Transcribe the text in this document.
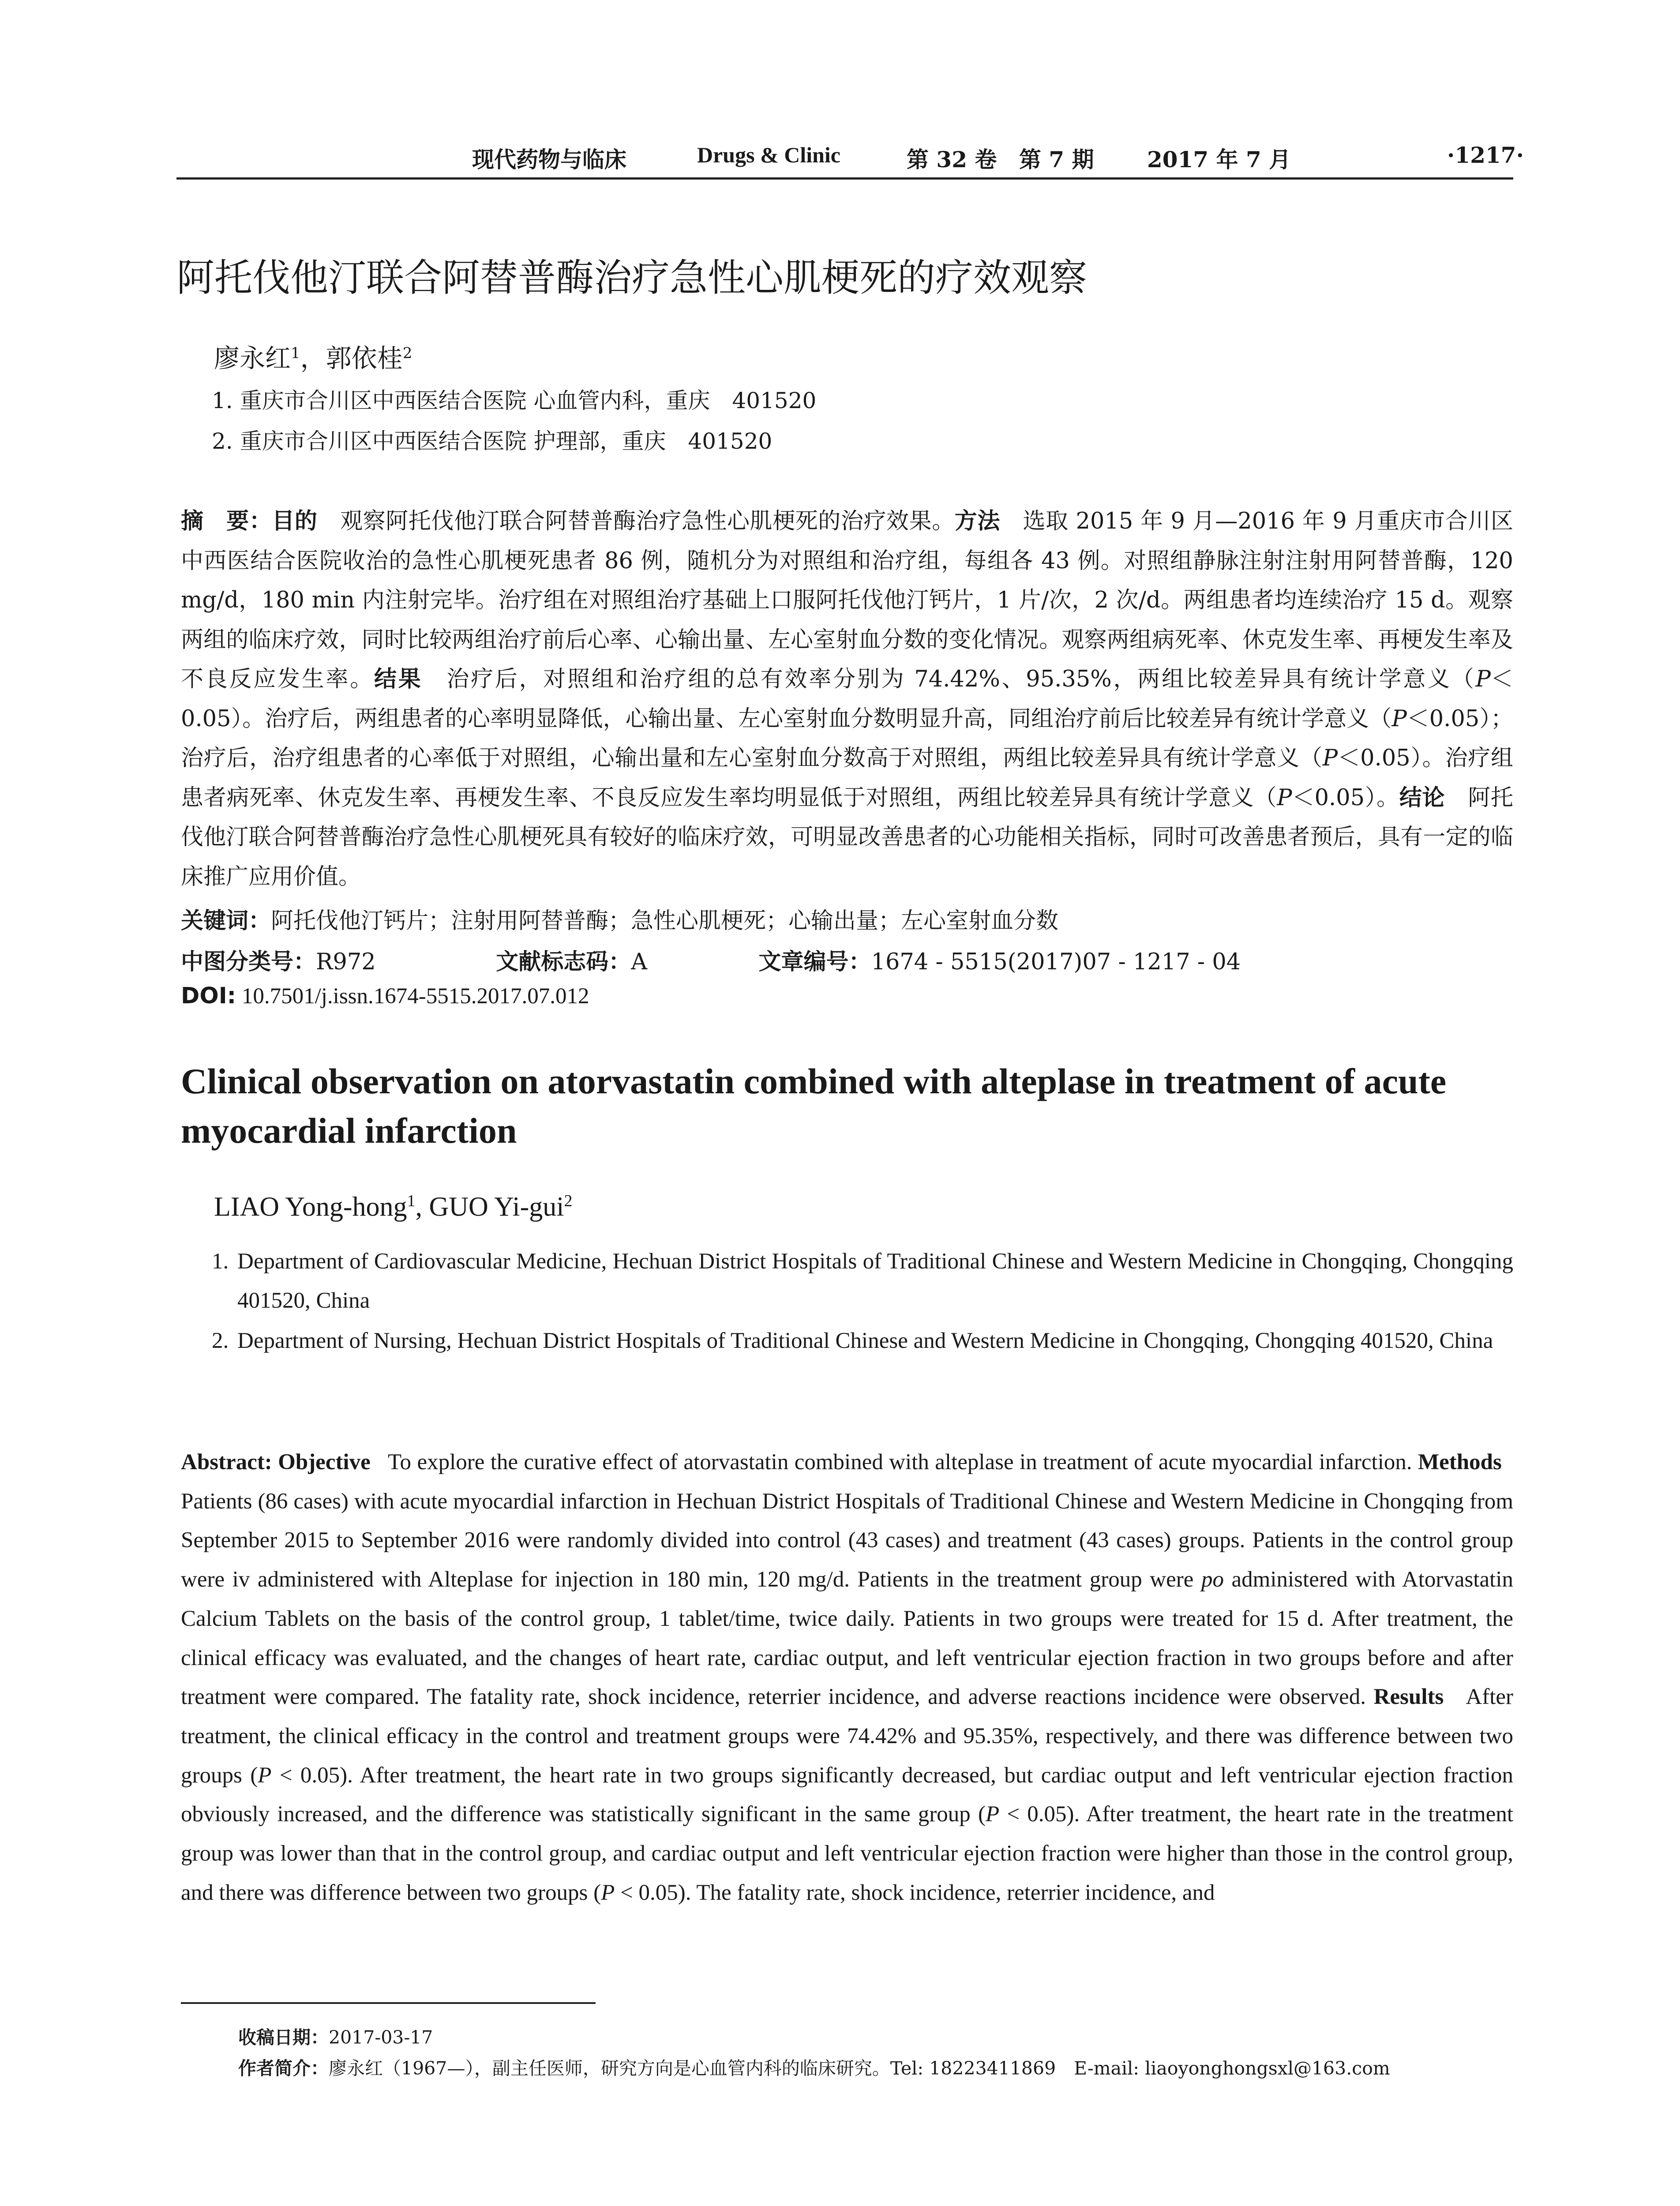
现代药物与临床	Drugs & Clinic	第 32 卷 第 7 期 2017 年 7 月	·1217·
阿托伐他汀联合阿替普酶治疗急性心肌梗死的疗效观察
廖永红$^1$，郭依桂$^2$
1. 重庆市合川区中西医结合医院 心血管内科，重庆　401520
2. 重庆市合川区中西医结合医院 护理部，重庆　401520
摘　要：目的　 观察阿托伐他汀联合阿替普酶治疗急性心肌梗死的治疗效果。方法　 选取 2015 年 9 月—2016 年 9 月重庆市合川区中西医结合医院收治的急性心肌梗死患者 86 例，随机分为对照组和治疗组，每组各 43 例。对照组静脉注射注射用阿替普酶，120 mg/d，180 min 内注射完毕。治疗组在对照组治疗基础上口服阿托伐他汀钙片，1 片/次，2 次/d。两组患者均连续治疗 15 d。观察两组的临床疗效，同时比较两组治疗前后心率、心输出量、左心室射血分数的变化情况。观察两组病死率、休克发生率、再梗发生率及不良反应发生率。结果　 治疗后，对照组和治疗组的总有效率分别为 74.42%、95.35%，两组比较差异具有统计学意义（P＜0.05）。治疗后，两组患者的心率明显降低，心输出量、左心室射血分数明显升高，同组治疗前后比较差异有统计学意义（P＜0.05）；治疗后，治疗组患者的心率低于对照组，心输出量和左心室射血分数高于对照组，两组比较差异具有统计学意义（P＜0.05）。治疗组患者病死率、休克发生率、再梗发生率、不良反应发生率均明显低于对照组，两组比较差异具有统计学意义（P＜0.05）。结论　 阿托伐他汀联合阿替普酶治疗急性心肌梗死具有较好的临床疗效，可明显改善患者的心功能相关指标，同时可改善患者预后，具有一定的临床推广应用价值。
关键词：阿托伐他汀钙片；注射用阿替普酶；急性心肌梗死；心输出量；左心室射血分数
中图分类号：R972	文献标志码：A	文章编号：1674 - 5515(2017)07 - 1217 - 04
DOI: 10.7501/j.issn.1674-5515.2017.07.012
Clinical observation on atorvastatin combined with alteplase in treatment of acute myocardial infarction
LIAO Yong-hong$^1$, GUO Yi-gui$^2$
1. Department of Cardiovascular Medicine, Hechuan District Hospitals of Traditional Chinese and Western Medicine in Chongqing, Chongqing 401520, China
2. Department of Nursing, Hechuan District Hospitals of Traditional Chinese and Western Medicine in Chongqing, Chongqing 401520, China
Abstract: Objective To explore the curative effect of atorvastatin combined with alteplase in treatment of acute myocardial infarction. Methods   Patients (86 cases) with acute myocardial infarction in Hechuan District Hospitals of Traditional Chinese and Western Medicine in Chongqing from September 2015 to September 2016 were randomly divided into control (43 cases) and treatment (43 cases) groups. Patients in the control group were iv administered with Alteplase for injection in 180 min, 120 mg/d. Patients in the treatment group were po administered with Atorvastatin Calcium Tablets on the basis of the control group, 1 tablet/time, twice daily. Patients in two groups were treated for 15 d. After treatment, the clinical efficacy was evaluated, and the changes of heart rate, cardiac output, and left ventricular ejection fraction in two groups before and after treatment were compared. The fatality rate, shock incidence, reterrier incidence, and adverse reactions incidence were observed. Results After treatment, the clinical efficacy in the control and treatment groups were 74.42% and 95.35%, respectively, and there was difference between two groups (P < 0.05). After treatment, the heart rate in two groups significantly decreased, but cardiac output and left ventricular ejection fraction obviously increased, and the difference was statistically significant in the same group (P < 0.05). After treatment, the heart rate in the treatment group was lower than that in the control group, and cardiac output and left ventricular ejection fraction were higher than those in the control group, and there was difference between two groups (P < 0.05). The fatality rate, shock incidence, reterrier incidence, and
收稿日期：2017-03-17
作者简介：廖永红（1967—），副主任医师，研究方向是心血管内科的临床研究。Tel: 18223411869　E-mail: liaoyonghongsxl@163.com
